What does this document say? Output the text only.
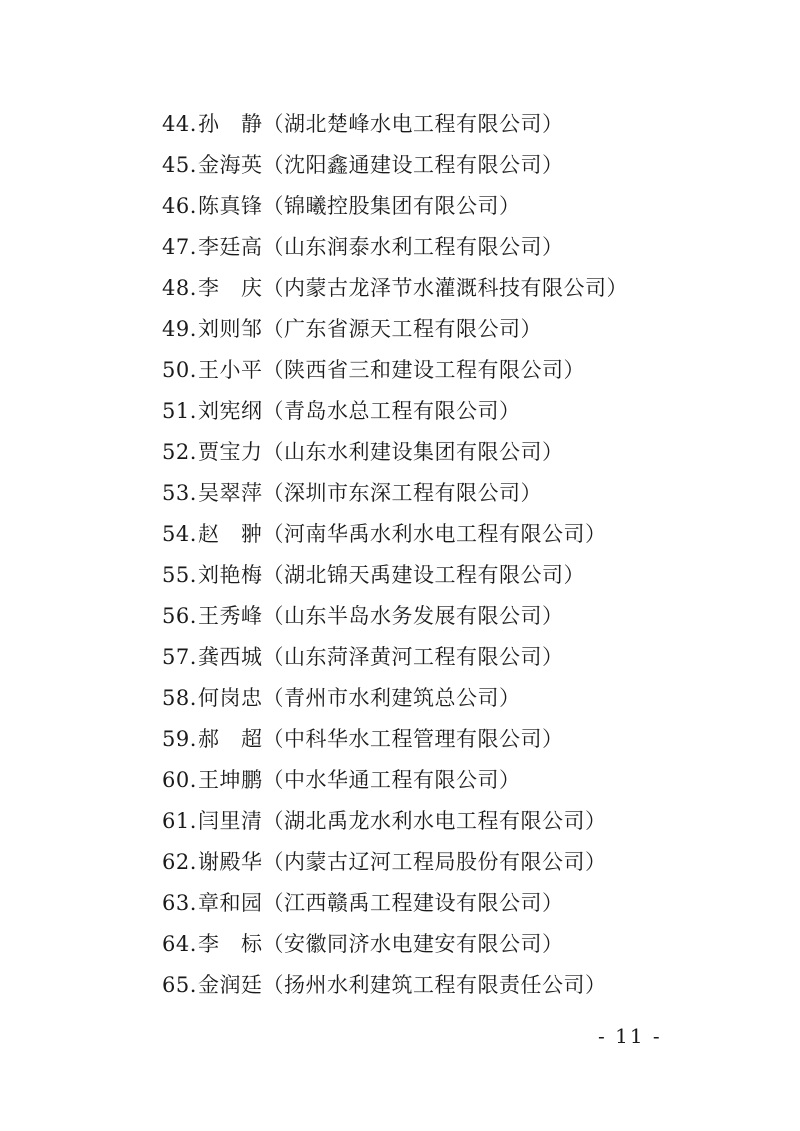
44.孙　静（湖北楚峰水电工程有限公司）
45.金海英（沈阳鑫通建设工程有限公司）
46.陈真锋（锦曦控股集团有限公司）
47.李廷高（山东润泰水利工程有限公司）
48.李　庆（内蒙古龙泽节水灌溉科技有限公司）
49.刘则邹（广东省源天工程有限公司）
50.王小平（陕西省三和建设工程有限公司）
51.刘宪纲（青岛水总工程有限公司）
52.贾宝力（山东水利建设集团有限公司）
53.吴翠萍（深圳市东深工程有限公司）
54.赵　翀（河南华禹水利水电工程有限公司）
55.刘艳梅（湖北锦天禹建设工程有限公司）
56.王秀峰（山东半岛水务发展有限公司）
57.龚西城（山东菏泽黄河工程有限公司）
58.何岗忠（青州市水利建筑总公司）
59.郝　超（中科华水工程管理有限公司）
60.王坤鹏（中水华通工程有限公司）
61.闫里清（湖北禹龙水利水电工程有限公司）
62.谢殿华（内蒙古辽河工程局股份有限公司）
63.章和园（江西赣禹工程建设有限公司）
64.李　标（安徽同济水电建安有限公司）
65.金润廷（扬州水利建筑工程有限责任公司）
- 11 -
